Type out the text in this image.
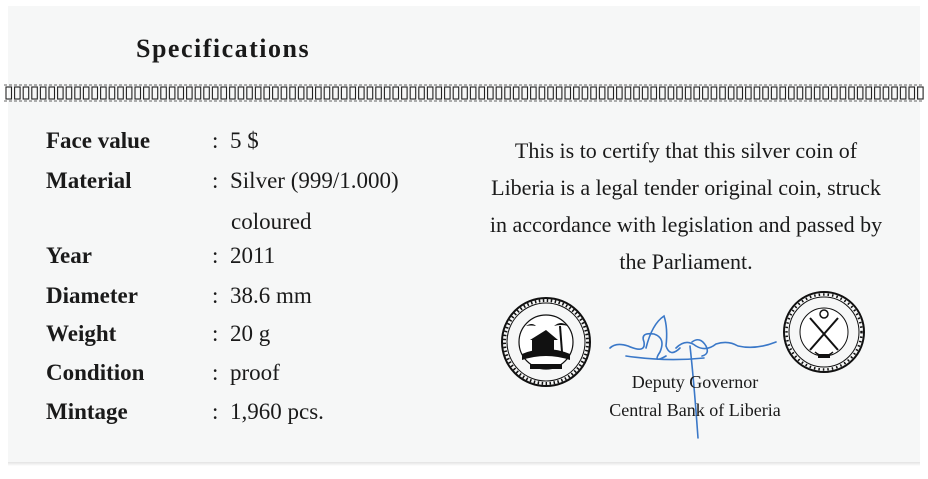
Specifications
Face value	: 5 $
Material	: Silver (999/1.000)
coloured
Year	: 2011
Diameter	: 38.6 mm
Weight	: 20 g
Condition	: proof
Mintage	: 1,960 pcs.
This is to certify that this silver coin of
Liberia is a legal tender original coin, struck
in accordance with legislation and passed by
the Parliament.
Deputy Governor
Central Bank of Liberia
